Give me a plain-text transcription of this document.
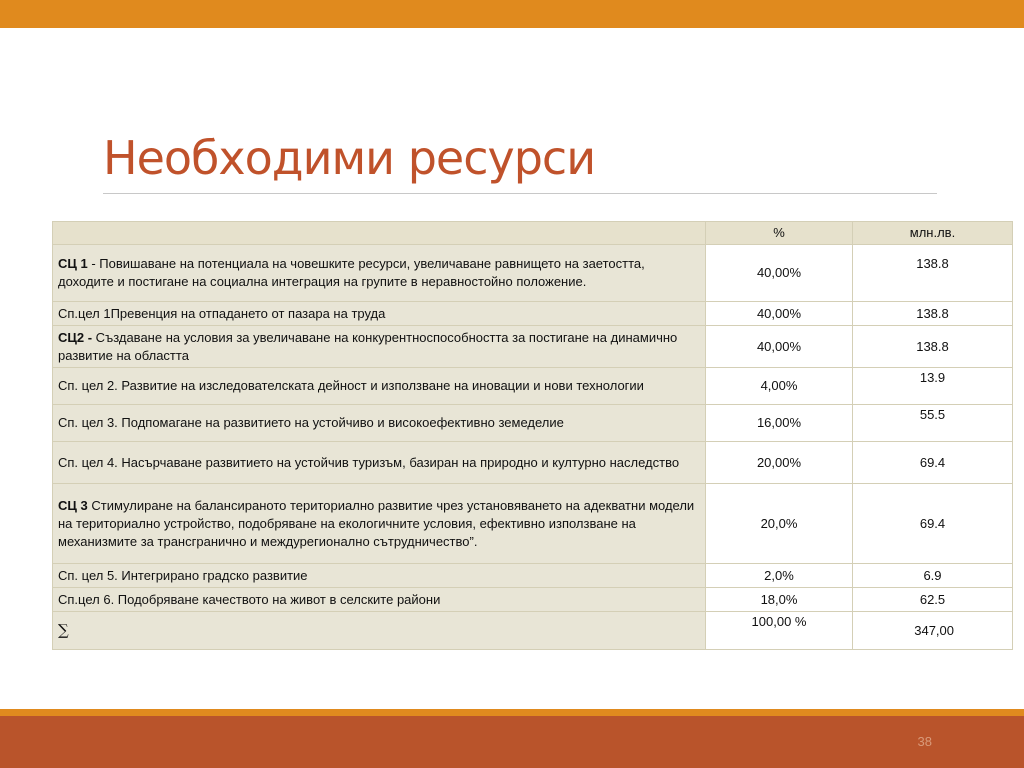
Необходими ресурси
	%	млн.лв.
СЦ 1 - Повишаване на потенциала на човешките ресурси, увеличаване равнището на заетостта, доходите и постигане на социална интеграция на групите в неравностойно положение.	40,00%	138.8
Сп.цел 1Превенция на отпадането от пазара на труда	40,00%	138.8
СЦ2 - Създаване на условия за увеличаване на конкурентноспособността за постигане на динамично развитие на областта	40,00%	138.8
Сп. цел 2. Развитие на изследователската дейност и използване на иновации и нови технологии	4,00%	13.9
Сп. цел 3. Подпомагане на развитието на устойчиво и високоефективно земеделие	16,00%	55.5
Сп. цел 4. Насърчаване развитието на устойчив туризъм, базиран на природно и културно наследство	20,00%	69.4
СЦ 3 Стимулиране на балансираното териториално развитие чрез установяването на адекватни модели на териториално устройство, подобряване на екологичните условия, ефективно използване на механизмите за трансгранично и междурегионално сътрудничество”.	20,0%	69.4
Сп. цел 5. Интегрирано градско развитие	2,0%	6.9
Сп.цел 6. Подобряване качеството на живот в селските райони	18,0%	62.5
∑	100,00 %	347,00
38
